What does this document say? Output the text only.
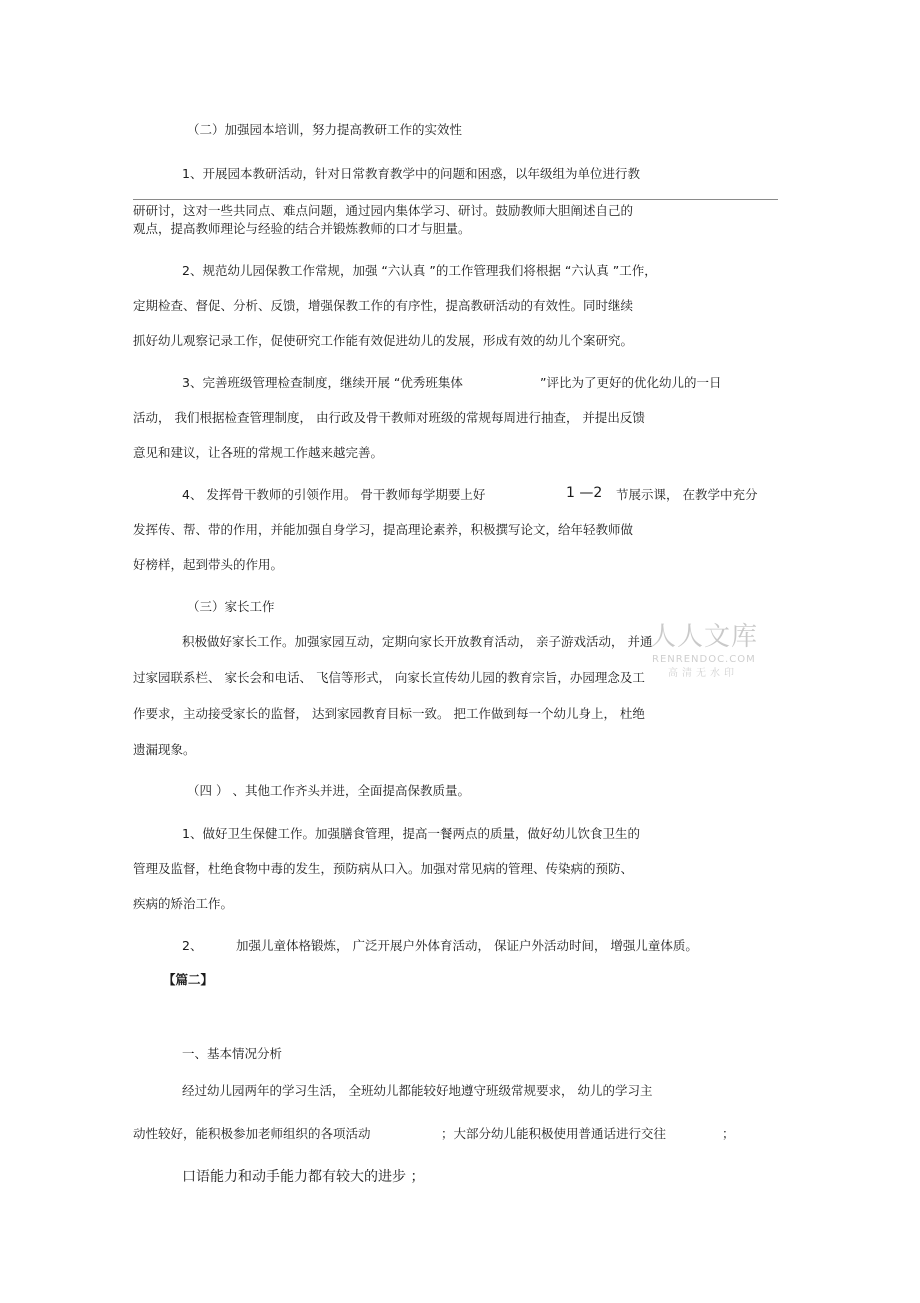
（二）加强园本培训，努力提高教研工作的实效性
1、开展园本教研活动，针对日常教育教学中的问题和困惑，以年级组为单位进行教
研研讨，这对一些共同点、难点问题，通过园内集体学习、研讨。鼓励教师大胆阐述自己的
观点，提高教师理论与经验的结合并锻炼教师的口才与胆量。
2、规范幼儿园保教工作常规，加强 “六认真 ”的工作管理我们将根据 “六认真 ”工作，
定期检查、督促、分析、反馈，增强保教工作的有序性，提高教研活动的有效性。同时继续
抓好幼儿观察记录工作，促使研究工作能有效促进幼儿的发展，形成有效的幼儿个案研究。
3、完善班级管理检查制度，继续开展 “优秀班集体	”评比为了更好的优化幼儿的一日
活动， 我们根据检查管理制度， 由行政及骨干教师对班级的常规每周进行抽查， 并提出反馈
意见和建议，让各班的常规工作越来越完善。
4、 发挥骨干教师的引领作用。 骨干教师每学期要上好	1 —2 节展示课， 在教学中充分
发挥传、帮、带的作用，并能加强自身学习，提高理论素养，积极撰写论文，给年轻教师做
好榜样，起到带头的作用。
（三）家长工作
积极做好家长工作。加强家园互动，定期向家长开放教育活动， 亲子游戏活动， 并通
过家园联系栏、 家长会和电话、 飞信等形式， 向家长宣传幼儿园的教育宗旨，办园理念及工
作要求，主动接受家长的监督， 达到家园教育目标一致。 把工作做到每一个幼儿身上， 杜绝
遗漏现象。
（四 ） 、其他工作齐头并进，全面提高保教质量。
1、做好卫生保健工作。加强膳食管理，提高一餐两点的质量，做好幼儿饮食卫生的
管理及监督，杜绝食物中毒的发生，预防病从口入。加强对常见病的管理、传染病的预防、
疾病的矫治工作。
2、	加强儿童体格锻炼， 广泛开展户外体育活动， 保证户外活动时间， 增强儿童体质。
【篇二】
一、基本情况分析
经过幼儿园两年的学习生活， 全班幼儿都能较好地遵守班级常规要求， 幼儿的学习主
动性较好，能积极参加老师组织的各项活动	；大部分幼儿能积极使用普通话进行交往	；
口语能力和动手能力都有较大的进步 ；
人人文库
RENRENDOC.COM
高清无水印
